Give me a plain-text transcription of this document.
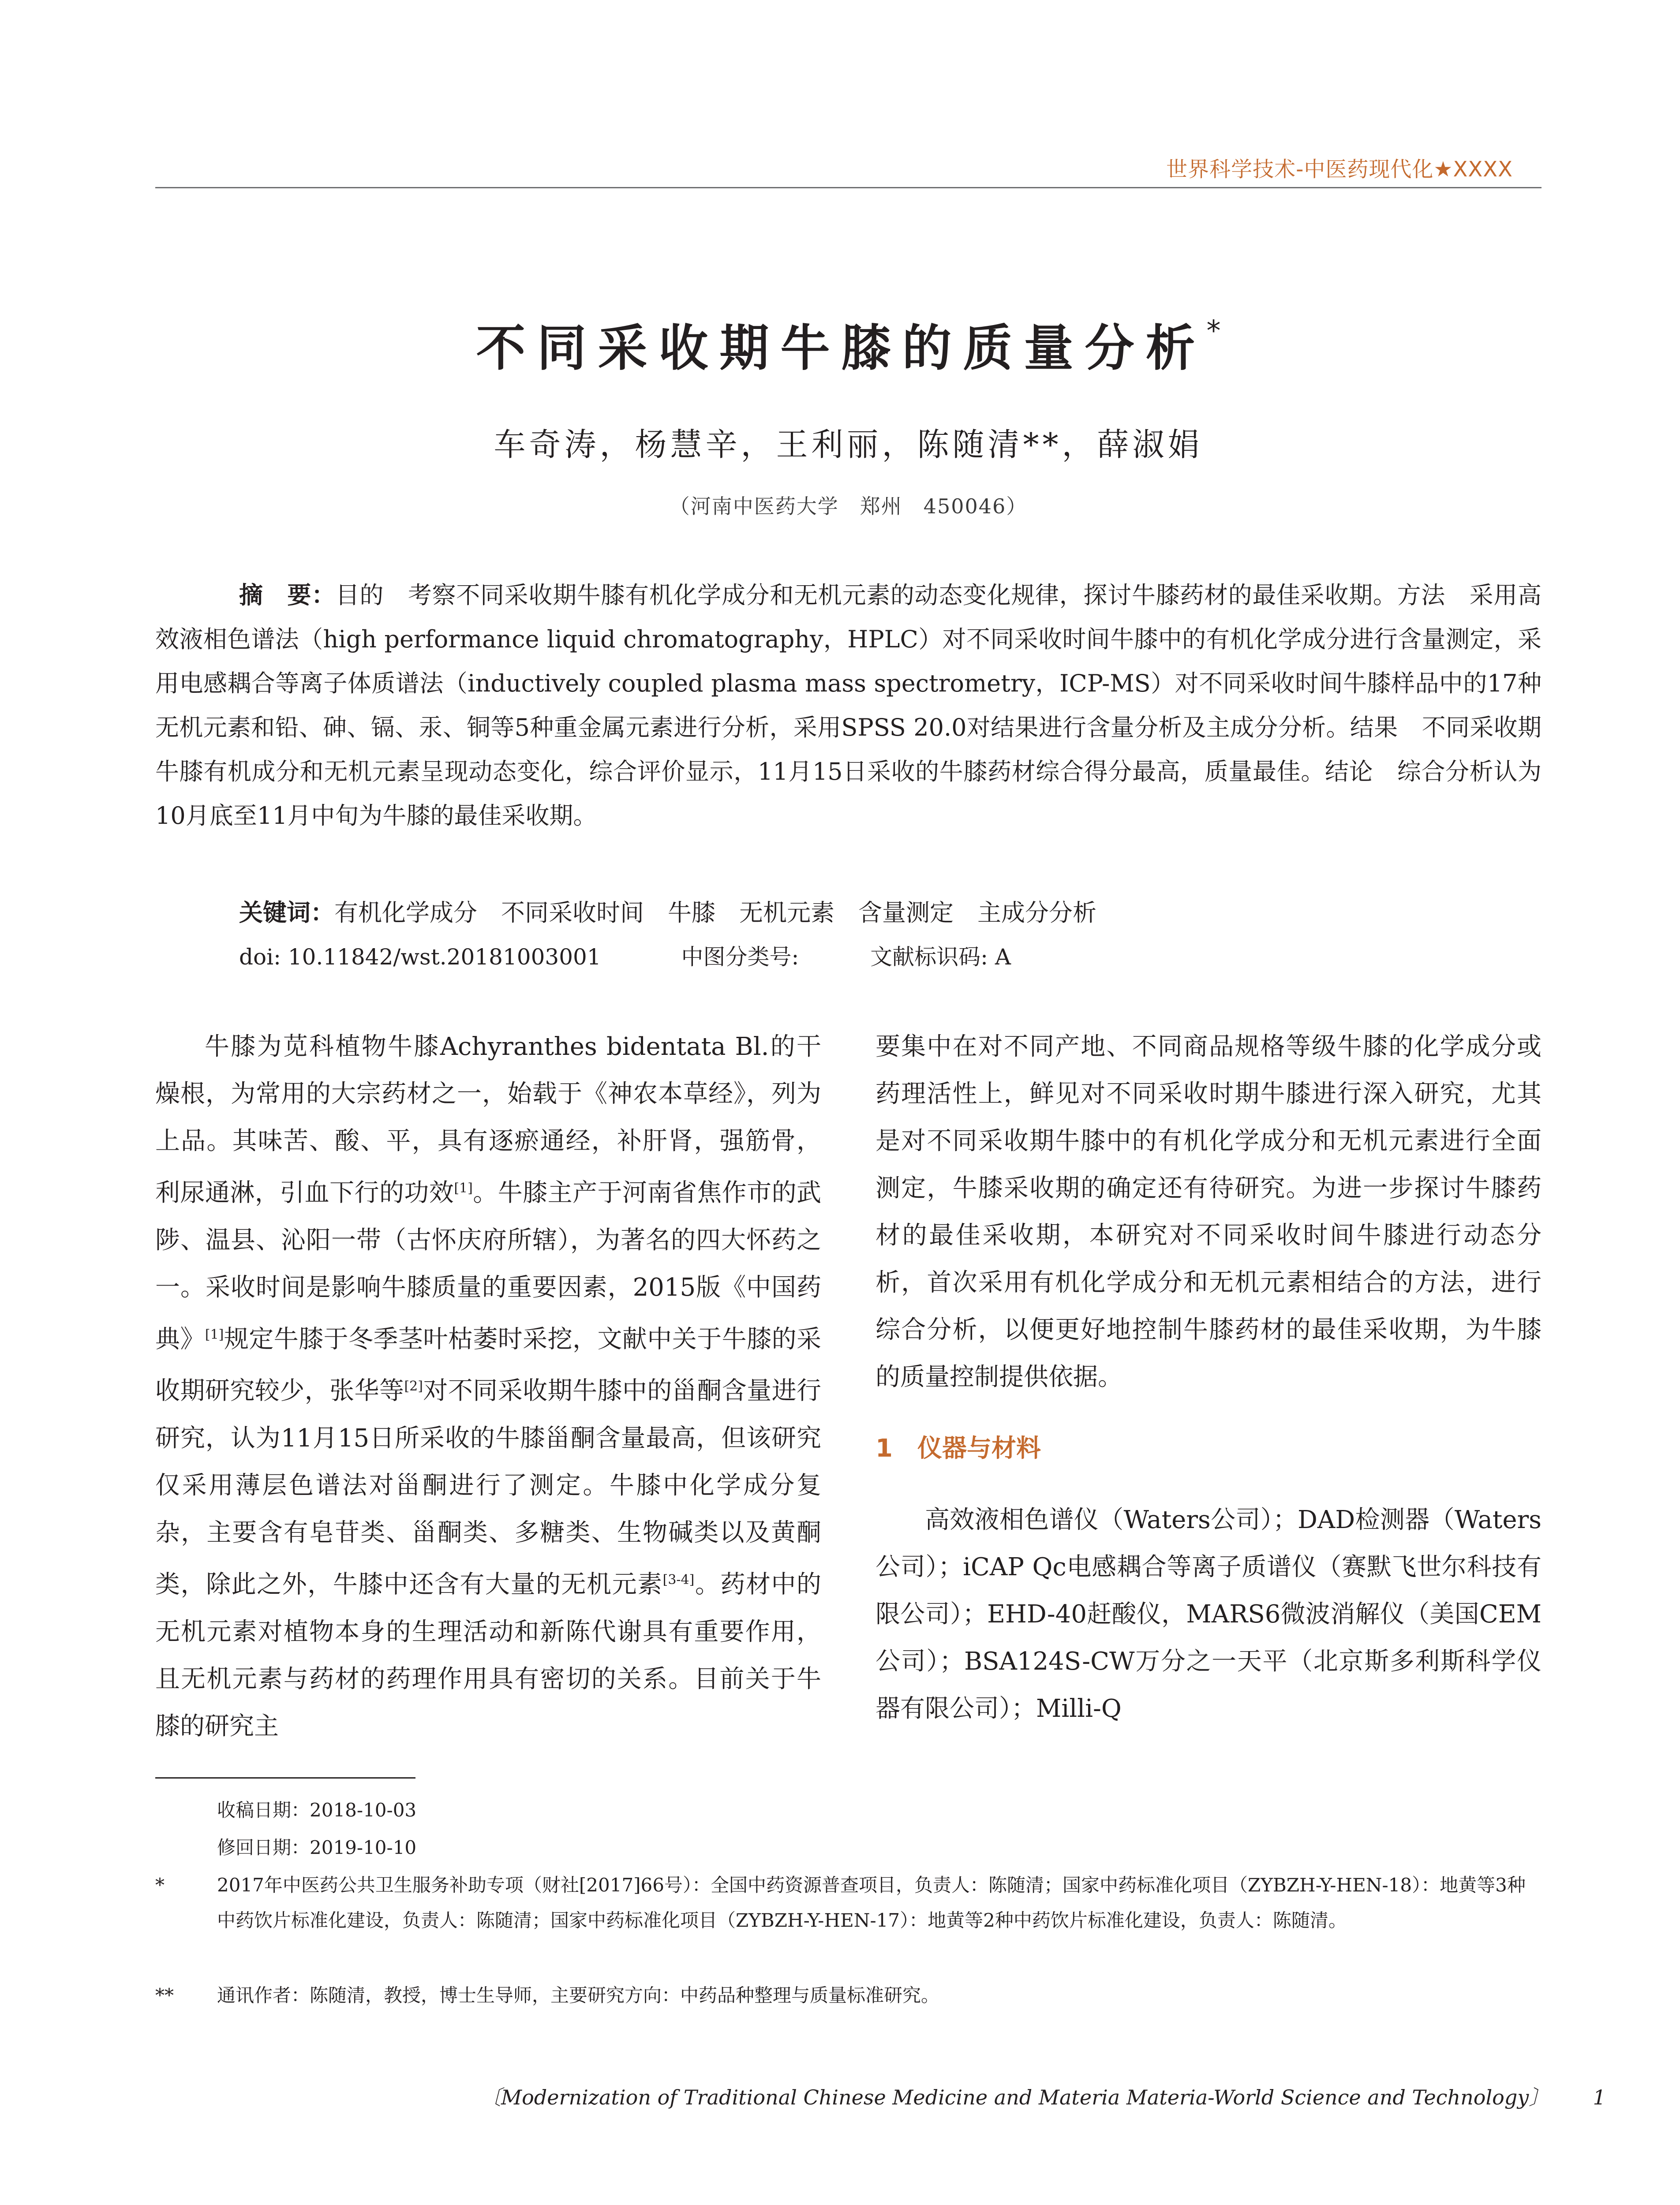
世界科学技术-中医药现代化★XXXX
不同采收期牛膝的质量分析*
车奇涛，杨慧辛，王利丽，陈随清**，薛淑娟
（河南中医药大学　郑州　450046）
摘　要：目的　考察不同采收期牛膝有机化学成分和无机元素的动态变化规律，探讨牛膝药材的最佳采收期。方法　采用高效液相色谱法（high performance liquid chromatography，HPLC）对不同采收时间牛膝中的有机化学成分进行含量测定，采用电感耦合等离子体质谱法（inductively coupled plasma mass spectrometry，ICP-MS）对不同采收时间牛膝样品中的17种无机元素和铅、砷、镉、汞、铜等5种重金属元素进行分析，采用SPSS 20.0对结果进行含量分析及主成分分析。结果　不同采收期牛膝有机成分和无机元素呈现动态变化，综合评价显示，11月15日采收的牛膝药材综合得分最高，质量最佳。结论　综合分析认为10月底至11月中旬为牛膝的最佳采收期。
关键词：有机化学成分　不同采收时间　牛膝　无机元素　含量测定　主成分分析
doi: 10.11842/wst.20181003001	中图分类号:	文献标识码: A

牛膝为苋科植物牛膝Achyranthes bidentata Bl.的干燥根，为常用的大宗药材之一，始载于《神农本草经》，列为上品。其味苦、酸、平，具有逐瘀通经，补肝肾，强筋骨，利尿通淋，引血下行的功效[1]。牛膝主产于河南省焦作市的武陟、温县、沁阳一带（古怀庆府所辖），为著名的四大怀药之一。采收时间是影响牛膝质量的重要因素，2015版《中国药典》[1]规定牛膝于冬季茎叶枯萎时采挖，文献中关于牛膝的采收期研究较少，张华等[2]对不同采收期牛膝中的甾酮含量进行研究，认为11月15日所采收的牛膝甾酮含量最高，但该研究仅采用薄层色谱法对甾酮进行了测定。牛膝中化学成分复杂，主要含有皂苷类、甾酮类、多糖类、生物碱类以及黄酮类，除此之外，牛膝中还含有大量的无机元素[3-4]。药材中的无机元素对植物本身的生理活动和新陈代谢具有重要作用，且无机元素与药材的药理作用具有密切的关系。目前关于牛膝的研究主

要集中在对不同产地、不同商品规格等级牛膝的化学成分或药理活性上，鲜见对不同采收时期牛膝进行深入研究，尤其是对不同采收期牛膝中的有机化学成分和无机元素进行全面测定，牛膝采收期的确定还有待研究。为进一步探讨牛膝药材的最佳采收期，本研究对不同采收时间牛膝进行动态分析，首次采用有机化学成分和无机元素相结合的方法，进行综合分析，以便更好地控制牛膝药材的最佳采收期，为牛膝的质量控制提供依据。

1　仪器与材料

高效液相色谱仪（Waters公司）；DAD检测器（Waters公司）；iCAP Qc电感耦合等离子质谱仪（赛默飞世尔科技有限公司）；EHD-40赶酸仪，MARS6微波消解仪（美国CEM公司）；BSA124S-CW万分之一天平（北京斯多利斯科学仪器有限公司）；Milli-Q

收稿日期：2018-10-03
修回日期：2019-10-10
*	2017年中医药公共卫生服务补助专项（财社[2017]66号）：全国中药资源普查项目，负责人：陈随清；国家中药标准化项目（ZYBZH-Y-HEN-18）：地黄等3种中药饮片标准化建设，负责人：陈随清；国家中药标准化项目（ZYBZH-Y-HEN-17）：地黄等2种中药饮片标准化建设，负责人：陈随清。
** 通讯作者：陈随清，教授，博士生导师，主要研究方向：中药品种整理与质量标准研究。
〔Modernization of Traditional Chinese Medicine and Materia Materia-World Science and Technology〕 1
